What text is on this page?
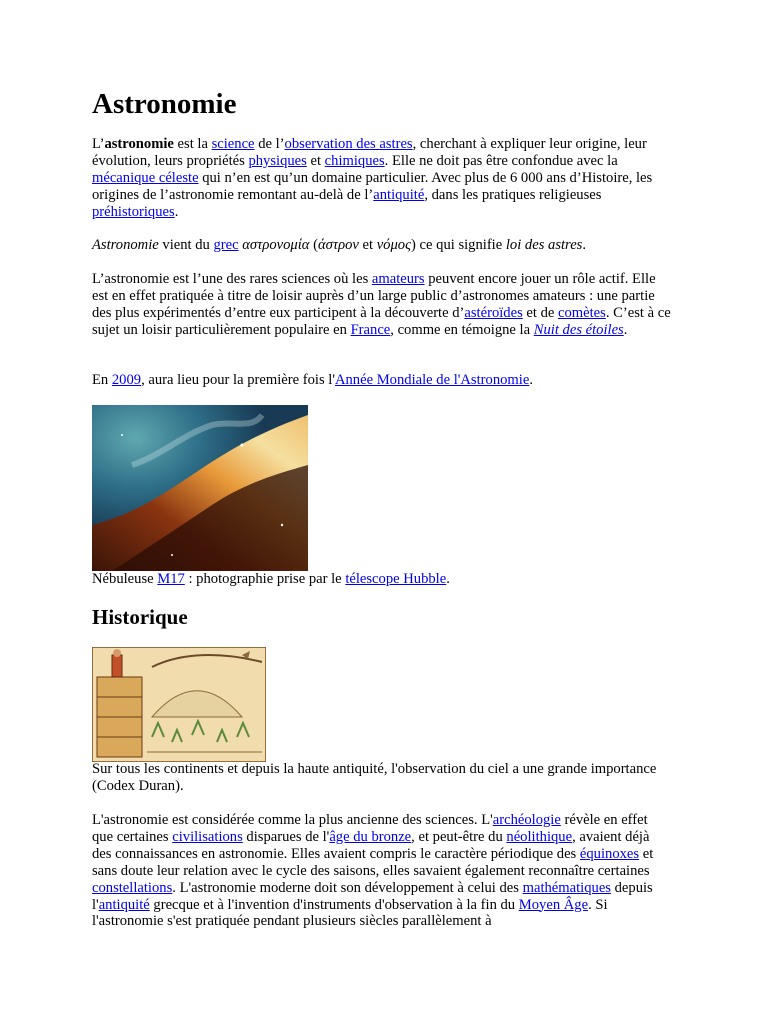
Astronomie

L’astronomie est la science de l’observation des astres, cherchant à expliquer leur origine, leur évolution, leurs propriétés physiques et chimiques. Elle ne doit pas être confondue avec la mécanique céleste qui n’en est qu’un domaine particulier. Avec plus de 6 000 ans d’Histoire, les origines de l’astronomie remontant au-delà de l’antiquité, dans les pratiques religieuses préhistoriques.

Astronomie vient du grec αστρονομία (άστρον et νόμος) ce qui signifie loi des astres.

L’astronomie est l’une des rares sciences où les amateurs peuvent encore jouer un rôle actif. Elle est en effet pratiquée à titre de loisir auprès d’un large public d’astronomes amateurs : une partie des plus expérimentés d’entre eux participent à la découverte d’astéroïdes et de comètes. C’est à ce sujet un loisir particulièrement populaire en France, comme en témoigne la Nuit des étoiles.

En 2009, aura lieu pour la première fois l'Année Mondiale de l'Astronomie.

Nébuleuse M17 : photographie prise par le télescope Hubble.

Historique

Sur tous les continents et depuis la haute antiquité, l'observation du ciel a une grande importance (Codex Duran).

L'astronomie est considérée comme la plus ancienne des sciences. L'archéologie révèle en effet que certaines civilisations disparues de l'âge du bronze, et peut-être du néolithique, avaient déjà des connaissances en astronomie. Elles avaient compris le caractère périodique des équinoxes et sans doute leur relation avec le cycle des saisons, elles savaient également reconnaître certaines constellations. L'astronomie moderne doit son développement à celui des mathématiques depuis l'antiquité grecque et à l'invention d'instruments d'observation à la fin du Moyen Âge. Si l'astronomie s'est pratiquée pendant plusieurs siècles parallèlement à
